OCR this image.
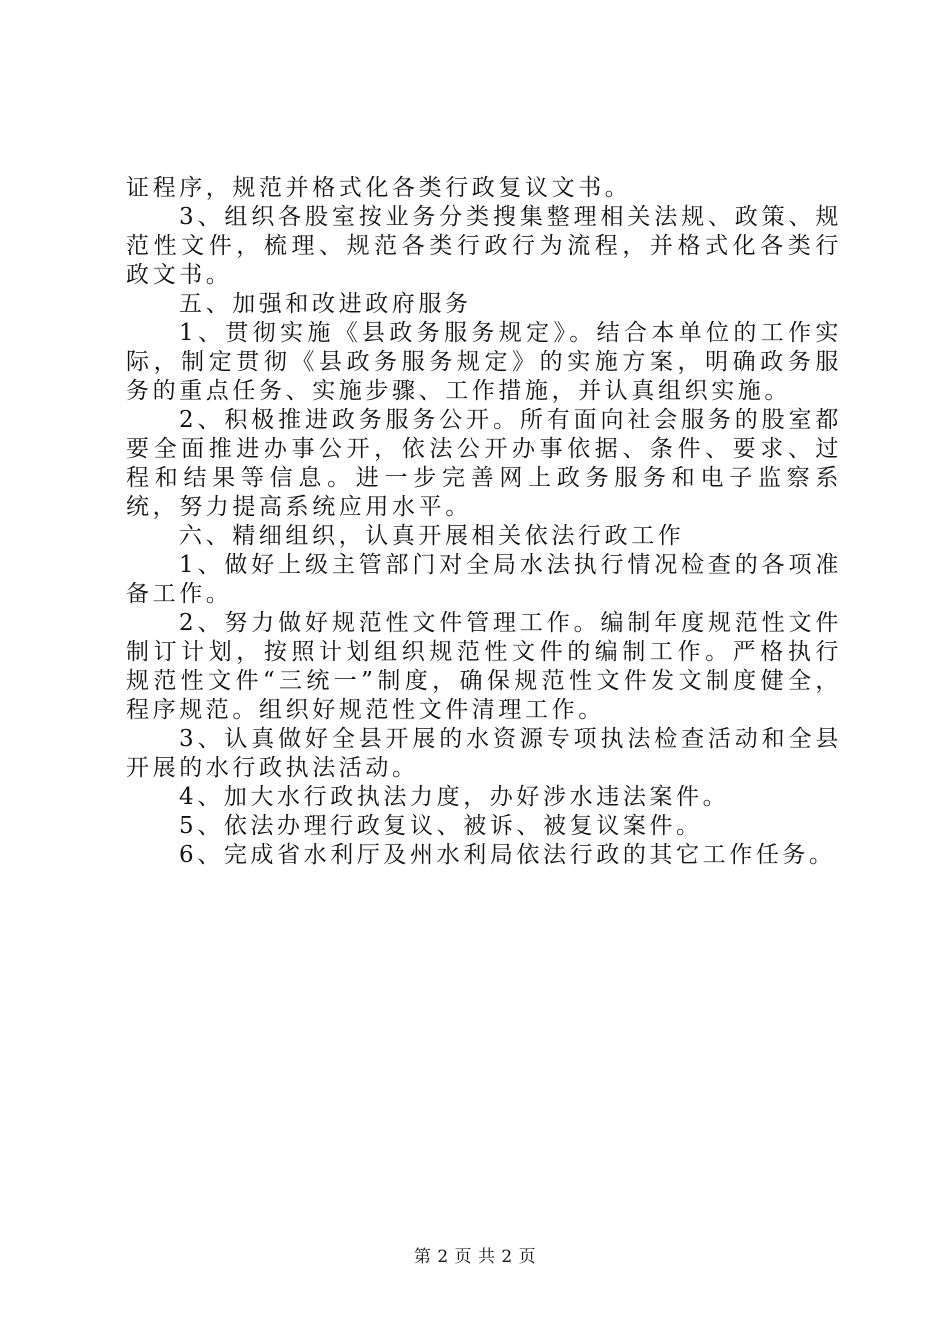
证程序，规范并格式化各类行政复议文书。

3、组织各股室按业务分类搜集整理相关法规、政策、规范性文件，梳理、规范各类行政行为流程，并格式化各类行政文书。

五、加强和改进政府服务

1、贯彻实施《县政务服务规定》。结合本单位的工作实际，制定贯彻《县政务服务规定》的实施方案，明确政务服务的重点任务、实施步骤、工作措施，并认真组织实施。

2、积极推进政务服务公开。所有面向社会服务的股室都要全面推进办事公开，依法公开办事依据、条件、要求、过程和结果等信息。进一步完善网上政务服务和电子监察系统，努力提高系统应用水平。

六、精细组织，认真开展相关依法行政工作

1、做好上级主管部门对全局水法执行情况检查的各项准备工作。

2、努力做好规范性文件管理工作。编制年度规范性文件制订计划，按照计划组织规范性文件的编制工作。严格执行规范性文件“三统一”制度，确保规范性文件发文制度健全，程序规范。组织好规范性文件清理工作。

3、认真做好全县开展的水资源专项执法检查活动和全县开展的水行政执法活动。

4、加大水行政执法力度，办好涉水违法案件。

5、依法办理行政复议、被诉、被复议案件。

6、完成省水利厅及州水利局依法行政的其它工作任务。

第 2 页 共 2 页
